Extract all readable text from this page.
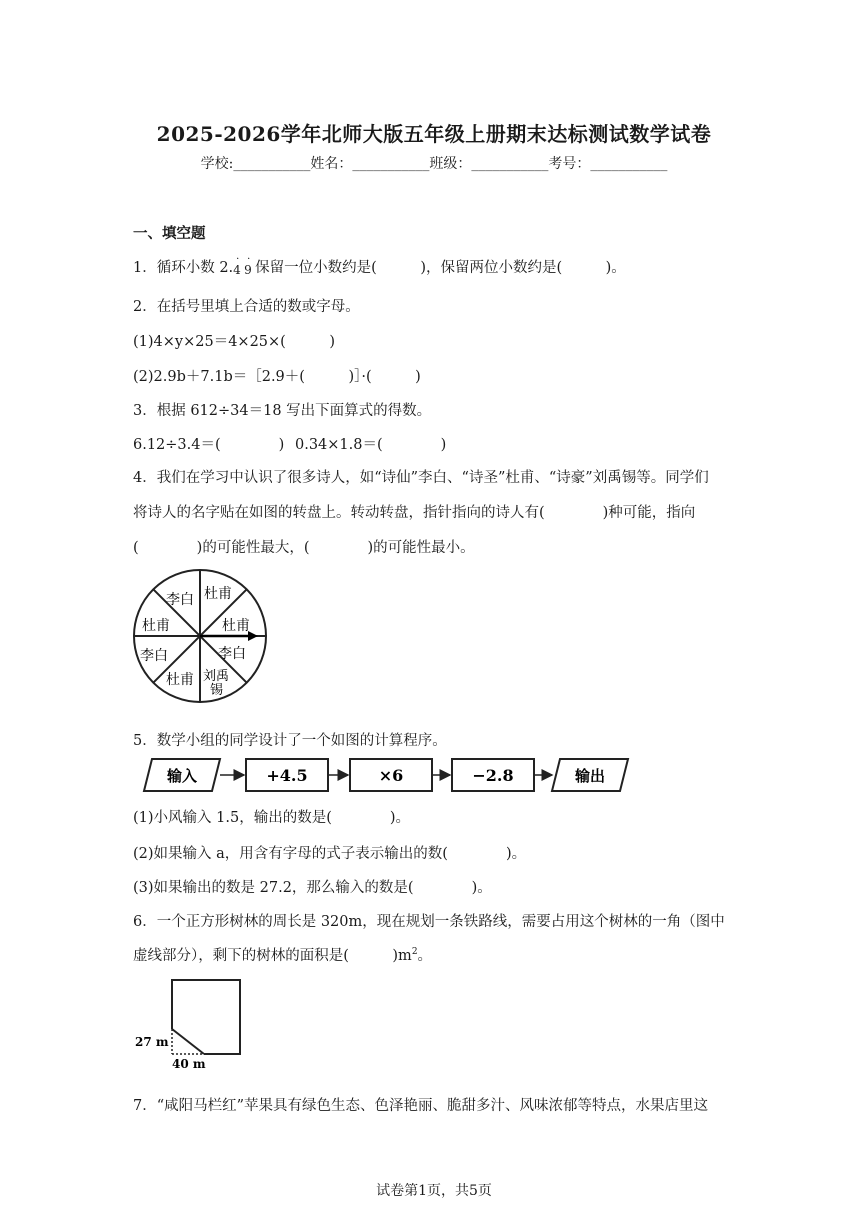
2025-2026学年北师大版五年级上册期末达标测试数学试卷
学校:___________姓名：___________班级：___________考号：___________
一、填空题
1．循环小数 2. 4 9
· ·
保留一位小数约是(　　　)，保留两位小数约是(　　　)。
2．在括号里填上合适的数或字母。
(1)4×y×25＝4×25×(　　　)
(2)2.9b＋7.1b＝［2.9＋(　　　)］·(　　　)
3．根据 612÷34＝18 写出下面算式的得数。
6.12÷3.4＝(　　　　) 0.34×1.8＝(　　　　)
4．我们在学习中认识了很多诗人，如“诗仙”李白、“诗圣”杜甫、“诗豪”刘禹锡等。同学们
将诗人的名字贴在如图的转盘上。转动转盘，指针指向的诗人有(　　　　)种可能，指向
(　　　　)的可能性最大，(　　　　)的可能性最小。
李白 杜甫
杜甫
李白
刘禹
锡
杜甫
李白
杜甫
5．数学小组的同学设计了一个如图的计算程序。
输入	+4.5	×6	−2.8	输出
(1)小风输入 1.5，输出的数是(　　　　)。
(2)如果输入 a，用含有字母的式子表示输出的数(　　　　)。
(3)如果输出的数是 27.2，那么输入的数是(　　　　)。
6．一个正方形树林的周长是 320m，现在规划一条铁路线，需要占用这个树林的一角（图中
虚线部分），剩下的树林的面积是(　　　)$m^2$。
27 m
40 m
7．“咸阳马栏红”苹果具有绿色生态、色泽艳丽、脆甜多汁、风味浓郁等特点，水果店里这
试卷第1页，共5页
